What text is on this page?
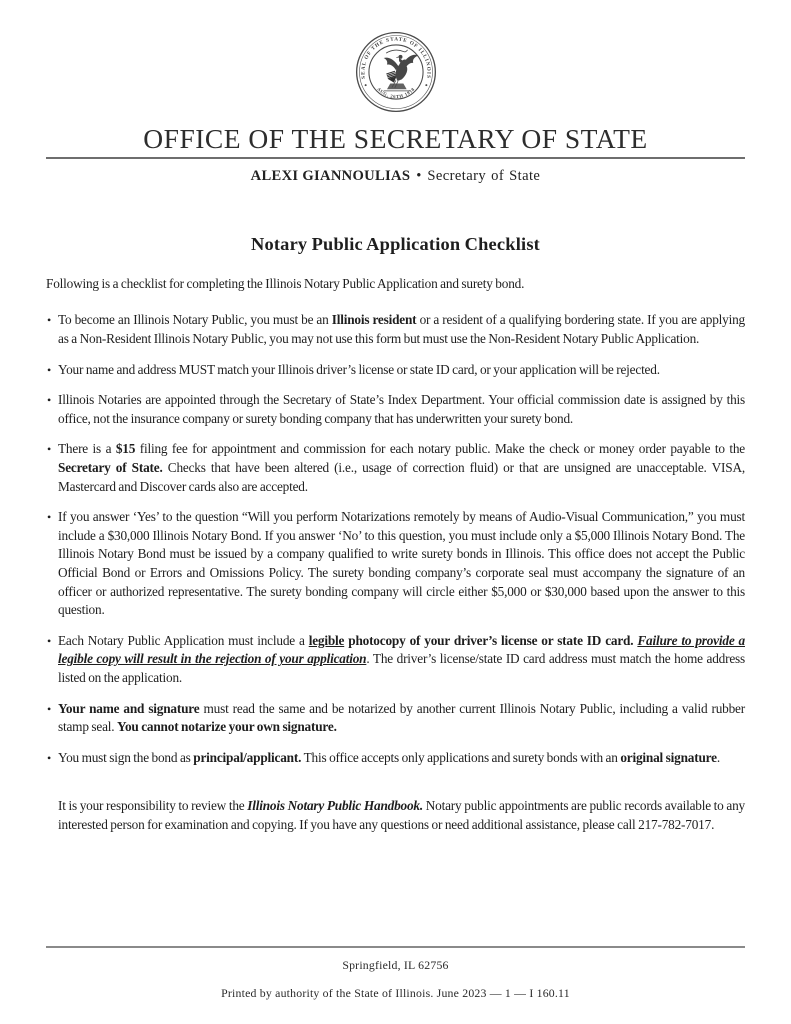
SEAL OF THE STATE OF ILLINOIS
AUG. 26TH 1818
OFFICE OF THE SECRETARY OF STATE
ALEXI GIANNOULIAS • Secretary of State
Notary Public Application Checklist

Following is a checklist for completing the Illinois Notary Public Application and surety bond.

• To become an Illinois Notary Public, you must be an Illinois resident or a resident of a qualifying bordering state. If you are applying as a Non-Resident Illinois Notary Public, you may not use this form but must use the Non-Resident Notary Public Application.
• Your name and address MUST match your Illinois driver’s license or state ID card, or your application will be rejected.
• Illinois Notaries are appointed through the Secretary of State’s Index Department. Your official commission date is assigned by this office, not the insurance company or surety bonding company that has underwritten your surety bond.
• There is a $15 filing fee for appointment and commission for each notary public. Make the check or money order payable to the Secretary of State. Checks that have been altered (i.e., usage of correction fluid) or that are unsigned are unacceptable. VISA, Mastercard and Discover cards also are accepted.
• If you answer ‘Yes’ to the question “Will you perform Notarizations remotely by means of Audio-Visual Communication,” you must include a $30,000 Illinois Notary Bond. If you answer ‘No’ to this question, you must include only a $5,000 Illinois Notary Bond. The Illinois Notary Bond must be issued by a company qualified to write surety bonds in Illinois. This office does not accept the Public Official Bond or Errors and Omissions Policy. The surety bonding company’s corporate seal must accompany the signature of an officer or authorized representative. The surety bonding company will circle either $5,000 or $30,000 based upon the answer to this question.
• Each Notary Public Application must include a legible photocopy of your driver’s license or state ID card. Failure to provide a legible copy will result in the rejection of your application. The driver’s license/state ID card address must match the home address listed on the application.
• Your name and signature must read the same and be notarized by another current Illinois Notary Public, including a valid rubber stamp seal. You cannot notarize your own signature.
• You must sign the bond as principal/applicant. This office accepts only applications and surety bonds with an original signature.

It is your responsibility to review the Illinois Notary Public Handbook. Notary public appointments are public records available to any interested person for examination and copying. If you have any questions or need additional assistance, please call 217-782-7017.

Springfield, IL 62756

Printed by authority of the State of Illinois. June 2023 — 1 — I 160.11
